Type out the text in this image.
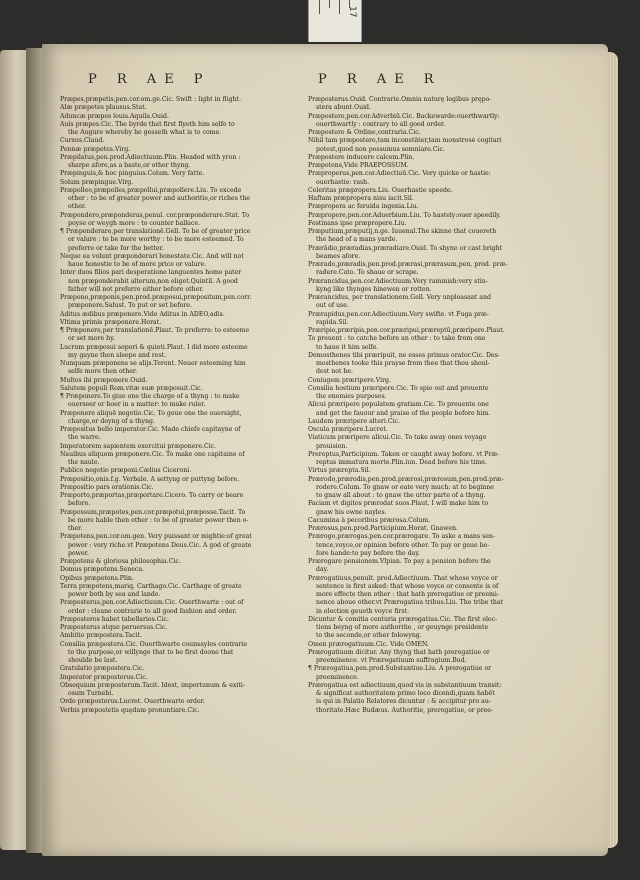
17
P R AE P	P R AE R
Præpes,præpetis,pen.cor.om.ge.Cic. Swift : light in flight.
Alæ præpetes plausus.Stat.
Aduncæ præpes louis.Aquila.Ouid.
Auis præpes.Cic. The byrde that first flyeth him selfe to
the Augure whereby he gesseth what is to come.
Cursus.Claud.
Pennæ præpetes.Virg.
Præpilatus,pen.prod.Adiectiuum.Plin. Headed with yron :
sharpe afore,as a baste,or other thyng.
Præpinguis,& hoc pinguius.Colum. Very fatte.
Solum præpingue.Virg.
Præpolleo,præpolles,præpollui,præpollere.Liu. To excede
other : to be of greater power and authoritie,or riches the
other.
Præpondero,præponderas,penul. cor.præponderare.Stat. To
poyse or weygh more : to counter ballace.
¶ Præponderare,per translationē.Gell. To be of greater price
or valure : to be more worthy : to be more esteemed. To
preferre or take for the better.
Neque ea volunt præponderari honestate.Cic. And will not
haue honestie to be of more price or valure.
Inter duos filios pari desperatione languentes homo pater
non præponderabit alterum,non eliget.Quintil. A good
father will not preferre either before other.
Præpono,præponis,pen.prod.præposui,præpositum,pen.corr.
præponere.Salust. To put or set before.
Aditus ædibus præponere.Vide Aditus in ADEO,adis.
Vltima primis præponere.Horat.
¶ Præponere,per translationē.Plaut. To preferre: to esteeme
or set more by.
Lucrum præposui sopori & quieti.Plaut. I did more esteeme
my gayne then sleepe and rest.
Nunquam præponens se alijs.Terent. Neuer esteeming him
selfe more then other.
Multos ibi præponere.Ouid.
Salutem populi Rom.vitæ suæ præposuit.Cic.
¶ Præponere.To giue one the charge of a thyng : to make
ouerseer or boer in a matter: to make ruler.
Præponere aliquē negotio.Cic. To geue one the ouersight,
charge,or doyng of a thyng.
Præpositus bello imperator.Cic. Made chiefe capitayne of
the warre.
Imperatorem sapientem exercitui præponere.Cic.
Nauibus aliquem præponere.Cic. To make one capitaine of
the naule.
Publico negotio præponi.Cælius Ciceroni.
Præpositio,onis.f.g. Verbale. A settyng or puttyng before.
Præpositio pars orationis.Cic.
Præporto,præportas,præportare.Cicero. To carry or beare
before.
Præpossum,præpotes,pen.cor.præpotui,præposse.Tacit. To
be more hable then other : to be of greater power then o-
ther.
Præpotens,pen.cor.om.gen. Very puissant or mightie:of great
power : very riche.vt Præpotens Deus.Cic. A god of greate
power.
Præpotens & gloriosa philosophia.Cic.
Domus præpotens.Seneca.
Opibus præpotens.Plin.
Terra præpotens,mariq. Carthago.Cic. Carthage of greate
power both by sea and lande.
Præposterus,pen.cor.Adiectiuum.Cic. Ouerthwarte : out of
order : cleane contrarie to all good fashion and order.
Præposteros habet tabellarios.Cic.
Præposterus atque peruersus.Cic.
Ambitio præpostera.Tacit.
Consilia præpostera.Cic. Ouerthwarte counsayles contrarie
to the purpose,or willynge that to be first doone that
shoulde be last.
Gratulatio præpostera.Cic.
Imperator præposterus.Cic.
Obsequium præposterum.Tacit. Idest, importunum & exiti-
osum Turnebi.
Ordo præposterus.Lucret. Ouerthwarte order.
Verbis præpostetis quędam pronuntiare.Cic.
Præposterus.Ouid. Contrarie.Omnia naturę legibus prępo-
stera abunt.Ouid.
Præpostere,pen.cor.Adverbiū.Cic. Backewarde:ouerthwartly:
ouerthwartly : contrary to all good order.
Præpostere & Ordine,contraria.Cic.
Nihil tam præpostere,tam inconstāter,tam monstrosè cogitari
potest,quod non possumus somniare.Cic.
Præpostere inducere calcem.Plin.
Præpotens,Vide PRAEPOSSUM.
Præproperus,pen.cor.Adiectiuū.Cic. Very quicke or hastie:
ouerhastie: rash.
Celeritas præpropera.Liu. Ouerhastie speede.
Haftam præpropera nisu iacit.Sil.
Præpropera ac feruida ingenia.Liu.
Præpropere,pen.cor.Aduerbium.Liu. To hastely:ouer speedily.
Festinans ipse præpropere.Liu.
Præputium,præputij,n.ge. Iuuenal.The skinne that couereth
the head of a mans yarde.
Prærādio,præradias,præradiare.Ouid. To shyne or cast bright
beames afore.
Prærado,præradis,pen.prod.prærasi,prærasum,pen. prod. præ-
radere.Cato. To shaue or scrape.
Prærancidus,pen.cor.Adiectiuum.Very rammish:very stin-
kyng like thynges hinewen or rotten.
Prærancidus, per translationem.Gell. Very unpleasant and
out of use.
Prærapidus,pen.cor.Adiectiuum.Very swifte. vt Fuga præ-
rapida.Sil.
Præripio,præripis,pen.cor.præripui,præreptū,præripere.Plaut.
To preuent : to catche before an other : to take from one
to haue it him selfe.
Demosthenes tibi præripuit, ne esses primus orator.Cic. Des-
mosthenes tooke this prayse from thee that thou shoul-
dest not be.
Coniugem præripere.Virg.
Consilia hostium præripere.Cic. To spie out and preuente
the enemies purposes.
Alicui præripere populatem gratiam.Cic. To preuente one
and get the fauour and praise of the people before him.
Laudem præripere alteri.Cic.
Oscula præripere.Lucret.
Viaticum præripere alicui.Cic. To take away ones voyage
prouision.
Prereptus,Participium. Taken or caught away before. vt Præ-
reptus immatura morte.Plin.iun. Dead before his time.
Virtus prærepta.Sil.
Prærodo,prærodis,pen.prod.prærosi,prærosum,pen.prod.præ-
rodere.Colum. To gnaw or eate very much: at to beginne
to gnaw all about : to gnaw the utter parte of a thyng.
Faciam vt digitos prærodat suos.Plaut. I will make him to
gnaw his owne nayles.
Cacumina à pecoribus prærosa.Colum.
Prærosus,pen.prod.Participium.Horat. Gnawen.
Prærogo,prærogas,pen.cor.prærogare. To aske a mans sen-
tence,voyce,or opinion before other. To pay or geue be-
fore hande:to pay before the day.
Prærogare pensionem.Vlpian. To pay a pension before the
day.
Prærogatiuus,penult. prod.Adiectiuum. That whose voyce or
sentence is first asked: that whose voyce or consente is of
more effecte then other : that hath prerogatiue or preemi-
nence aboue other.vt Prærogatiua tribus.Liu. The tribe that
in election geueth voyce first.
Dicuntur & comitia centuria prærogatiua.Cic. The first elec-
tions beyng of more authoritie , or geuynge presidente
to the seconde,or other folowyng.
Omen prærogatiuum.Cic. Vide OMEN.
Prærogatiuum dicitur. Any thyng that hath prerogatiue or
preeminence. vt Prærogatiuum suffragium.Bud.
¶ Prærogatiua,pen.prod.Substantiue.Liu. A prerogatiue or
preeminence.
Prærogatiua est adiectiuum,quod vis in substantiuum transit:
& significat authoritatem primo loco dicendi,quam habēt
is qui in Palatio Relatores dicuntur : & accipitur pro au-
thoritate.Hæc Budæus. Authoritie, prerogatiue, or pree-
